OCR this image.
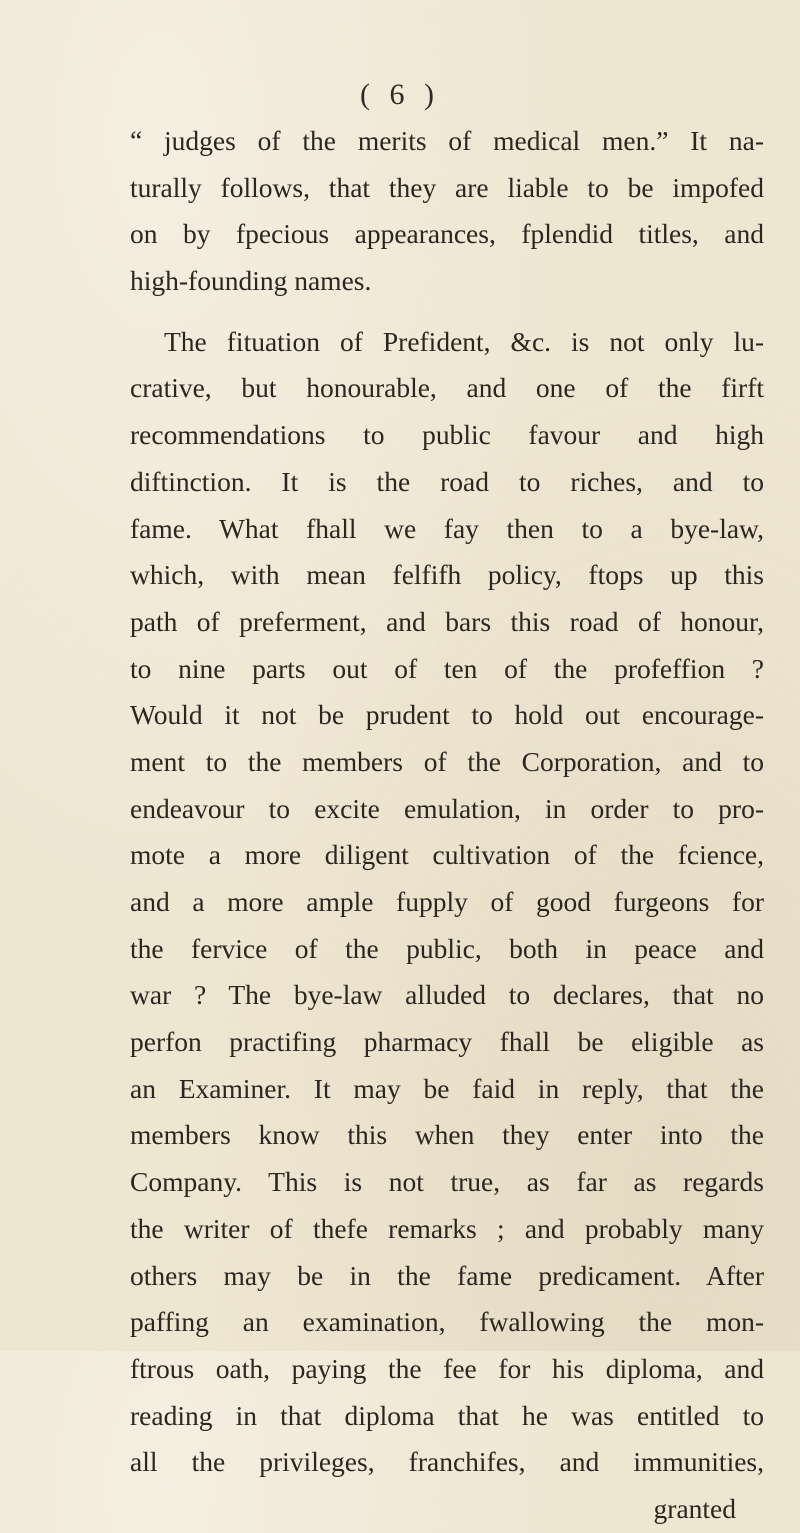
( 6 )
“ judges of the merits of medical men.” It na-
turally follows, that they are liable to be impofed
on by fpecious appearances, fplendid titles, and
high-founding names.
The fituation of Prefident, &c. is not only lu-
crative, but honourable, and one of the firft
recommendations to public favour and high
diftinction. It is the road to riches, and to
fame. What fhall we fay then to a bye-law,
which, with mean felfifh policy, ftops up this
path of preferment, and bars this road of honour,
to nine parts out of ten of the profeffion ?
Would it not be prudent to hold out encourage-
ment to the members of the Corporation, and to
endeavour to excite emulation, in order to pro-
mote a more diligent cultivation of the fcience,
and a more ample fupply of good furgeons for
the fervice of the public, both in peace and
war ? The bye-law alluded to declares, that no
perfon practifing pharmacy fhall be eligible as
an Examiner. It may be faid in reply, that the
members know this when they enter into the
Company. This is not true, as far as regards
the writer of thefe remarks ; and probably many
others may be in the fame predicament. After
paffing an examination, fwallowing the mon-
ftrous oath, paying the fee for his diploma, and
reading in that diploma that he was entitled to
all the privileges, franchifes, and immunities,
granted
